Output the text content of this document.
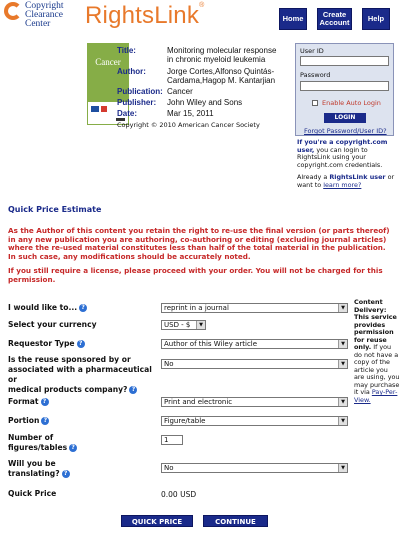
Copyright
Clearance
Center	RightsLink®
Home	Create
Account	Help
Cancer
Title:	Monitoring molecular response
in chronic myeloid leukemia
Author:	Jorge Cortes,Alfonso Quintás-
Cardama,Hagop M. Kantarjian
Publication: Cancer
Publisher: John Wiley and Sons
Date:	Mar 15, 2011
Copyright © 2010 American Cancer Society
User ID
Password
Enable Auto Login
LOGIN
Forgot Password/User ID?
If you're a copyright.com user, you can login to RightsLink using your copyright.com credentials.
Already a RightsLink user or want to learn more?
Quick Price Estimate
As the Author of this content you retain the right to re-use the final version (or parts thereof) in any new publication you are authoring, co-authoring or editing (excluding journal articles) where the re-used material constitutes less than half of the total material in the publication. In such case, any modifications should be accurately noted.
If you still require a license, please proceed with your order. You will not be charged for this permission.
I would like to... ?	reprint in a journal	▼
Select your currency	USD - $	▼
Requestor Type ?	Author of this Wiley article	▼
Is the reuse sponsored by or
associated with a pharmaceutical or
medical products company? ?
No	▼
Format ?	Print and electronic	▼
Portion ?	Figure/table	▼
Number of
figures/tables ?
1
Will you be
translating? ?
No	▼
Quick Price	0.00 USD
Content Delivery: This service provides permission for reuse only. If you do not have a copy of the article you are using, you may purchase it via Pay-Per-View.
QUICK PRICE	CONTINUE
